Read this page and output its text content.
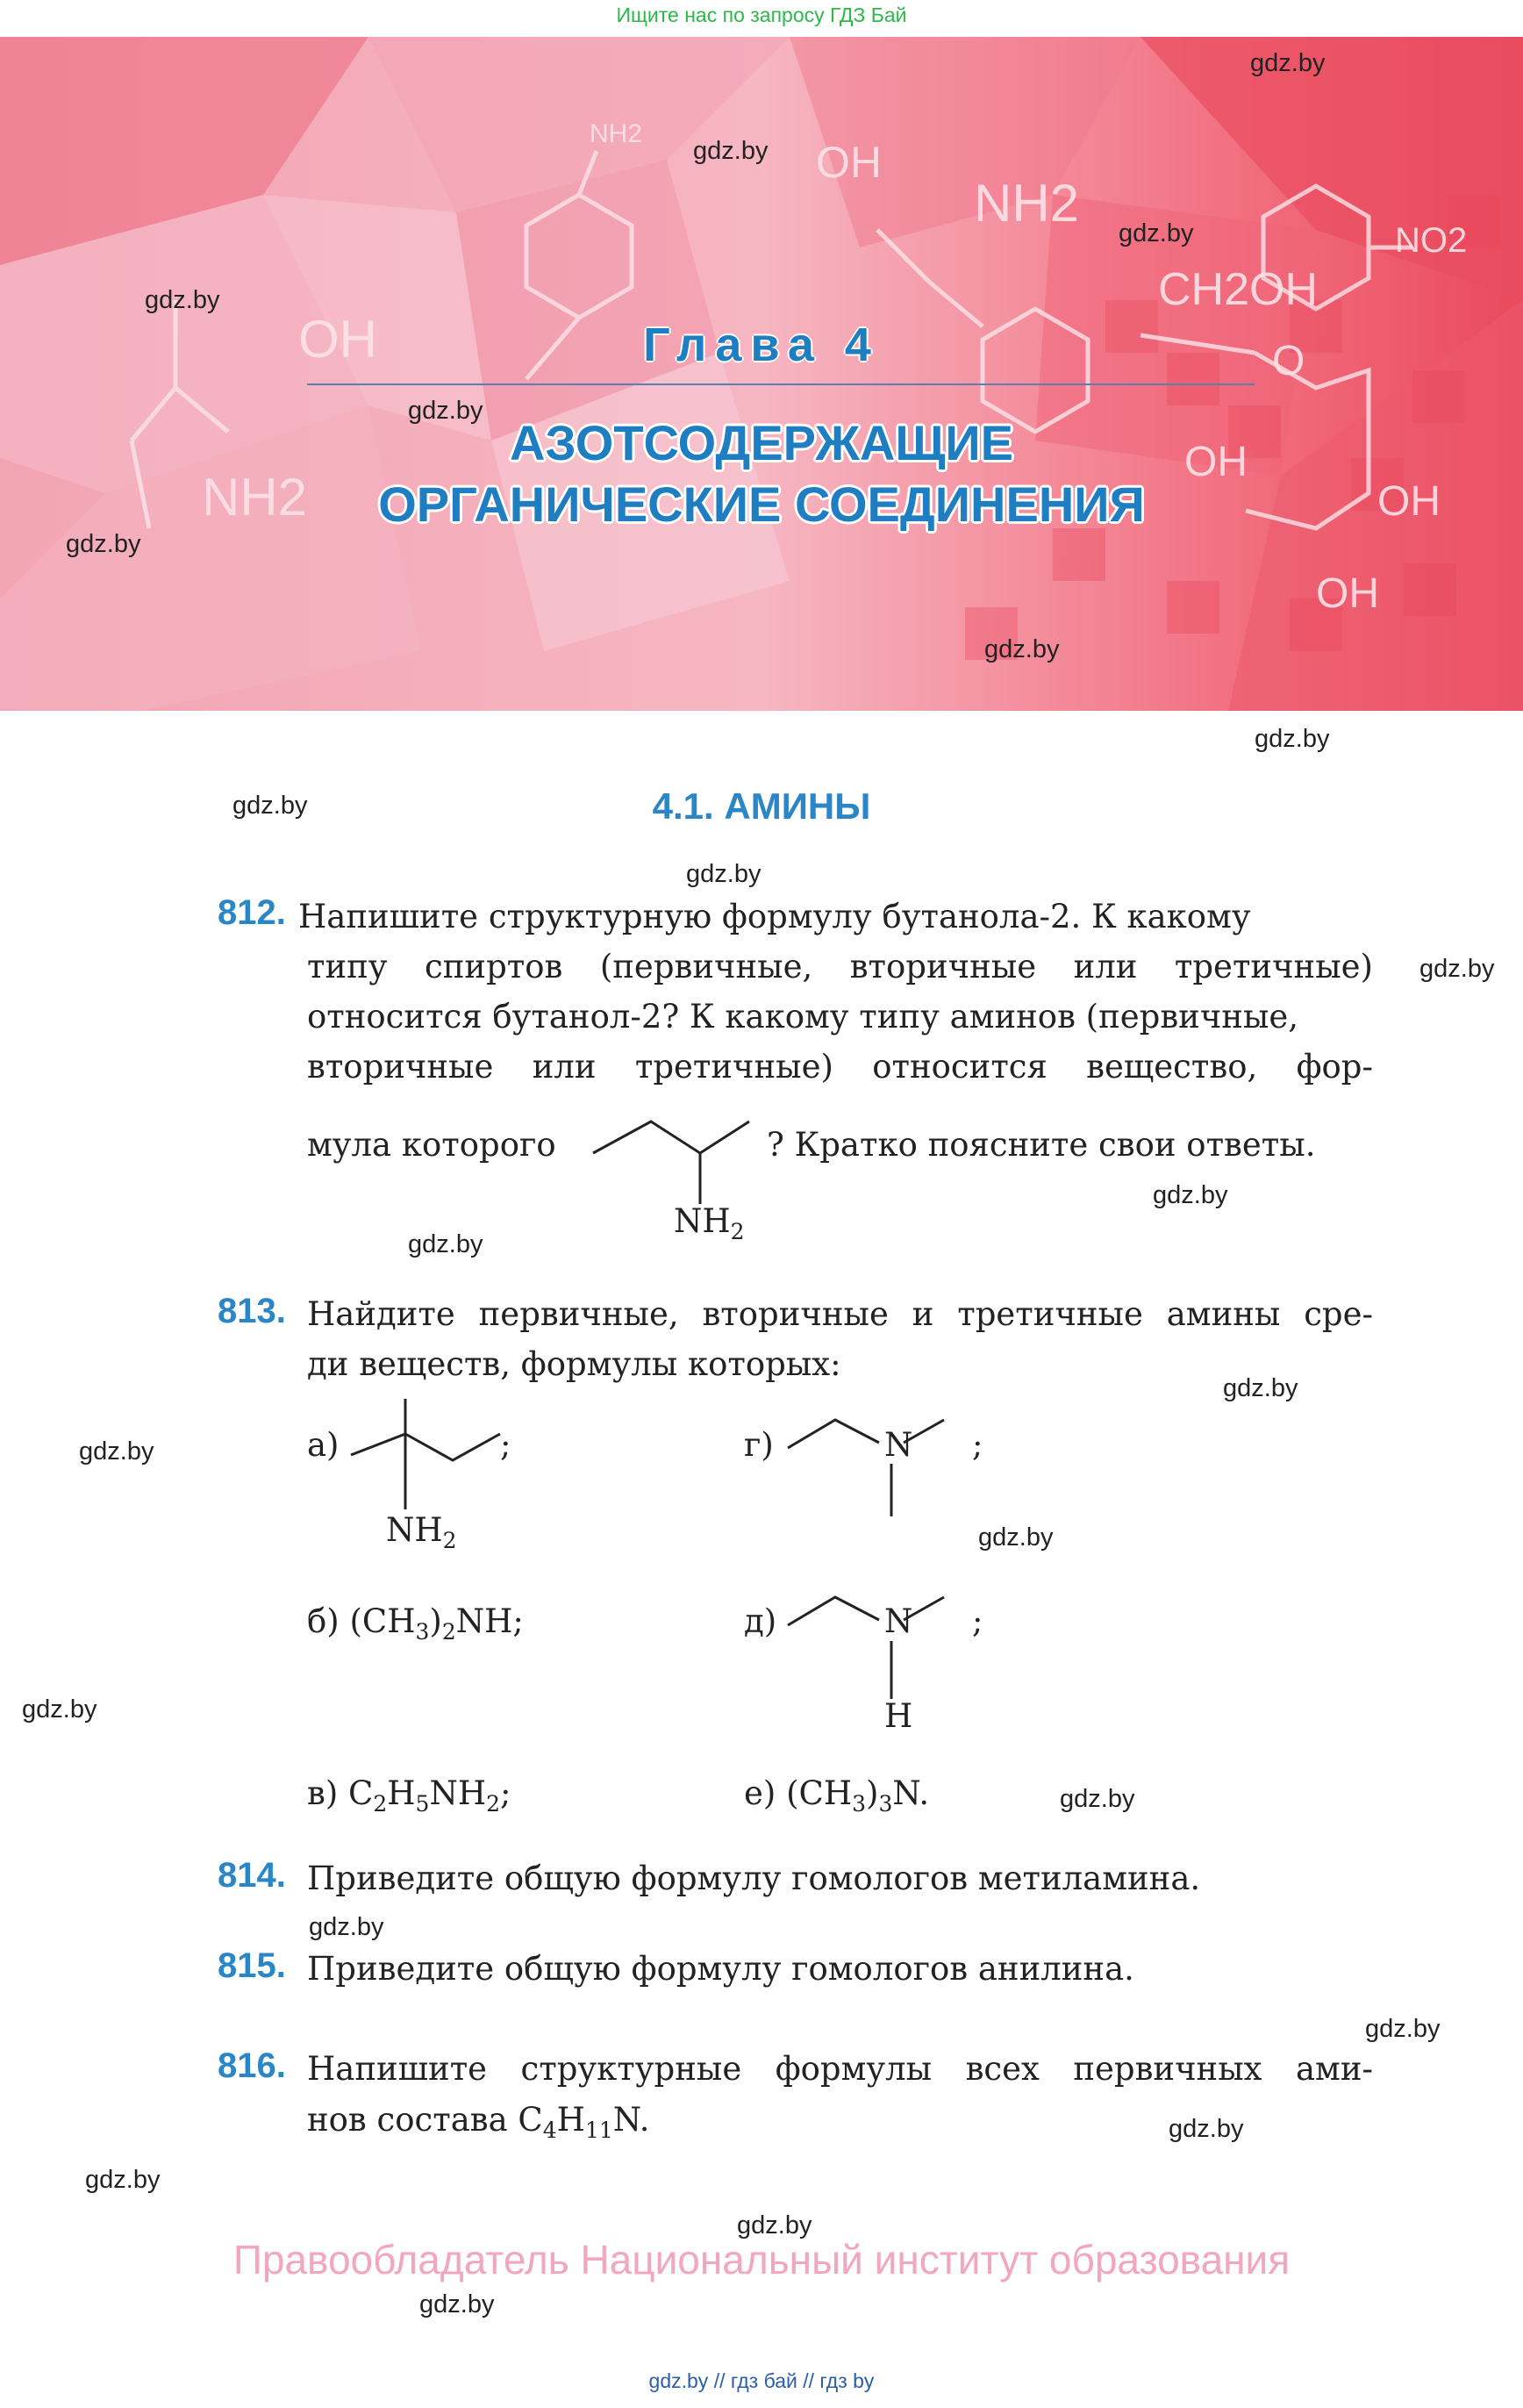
Ищите нас по запросу ГДЗ Бай
NH2
OH
NH2
NO2
CH2OH
OH
NH2
OH
OH
OH
O
gdz.by
gdz.by
gdz.by
gdz.by
gdz.by
gdz.by
gdz.by
Глава 4
АЗОТСОДЕРЖАЩИЕ
ОРГАНИЧЕСКИЕ СОЕДИНЕНИЯ
gdz.by
gdz.by	4.1. АМИНЫ
gdz.by
812. Напишите структурную формулу бутанола-2. К какому
типу спиртов (первичные, вторичные или третичные) gdz.by
относится бутанол-2? К какому типу аминов (первичные,
вторичные или третичные) относится вещество, фор-
мула которого
$NH_2$
? Кратко поясните свои ответы.
gdz.by
gdz.by
813. Найдите первичные, вторичные и третичные амины сре-
ди веществ, формулы которых:
gdz.by
gdz.by	а)
$NH_2$
;	г)	N ;
gdz.by
б) $(CH_3)_2NH$;	д)	N ;
H
gdz.by
в) $C_2H_5NH_2$;	е) $(CH_3)_3N$.	gdz.by
814. Приведите общую формулу гомологов метиламина.
gdz.by
815. Приведите общую формулу гомологов анилина.
gdz.by
816. Напишите структурные формулы всех первичных ами-
нов состава $C_4H_{11}N$.	gdz.by
gdz.by
gdz.by
Правообладатель Национальный институт образования
gdz.by
gdz.by // гдз бай // гдз by
